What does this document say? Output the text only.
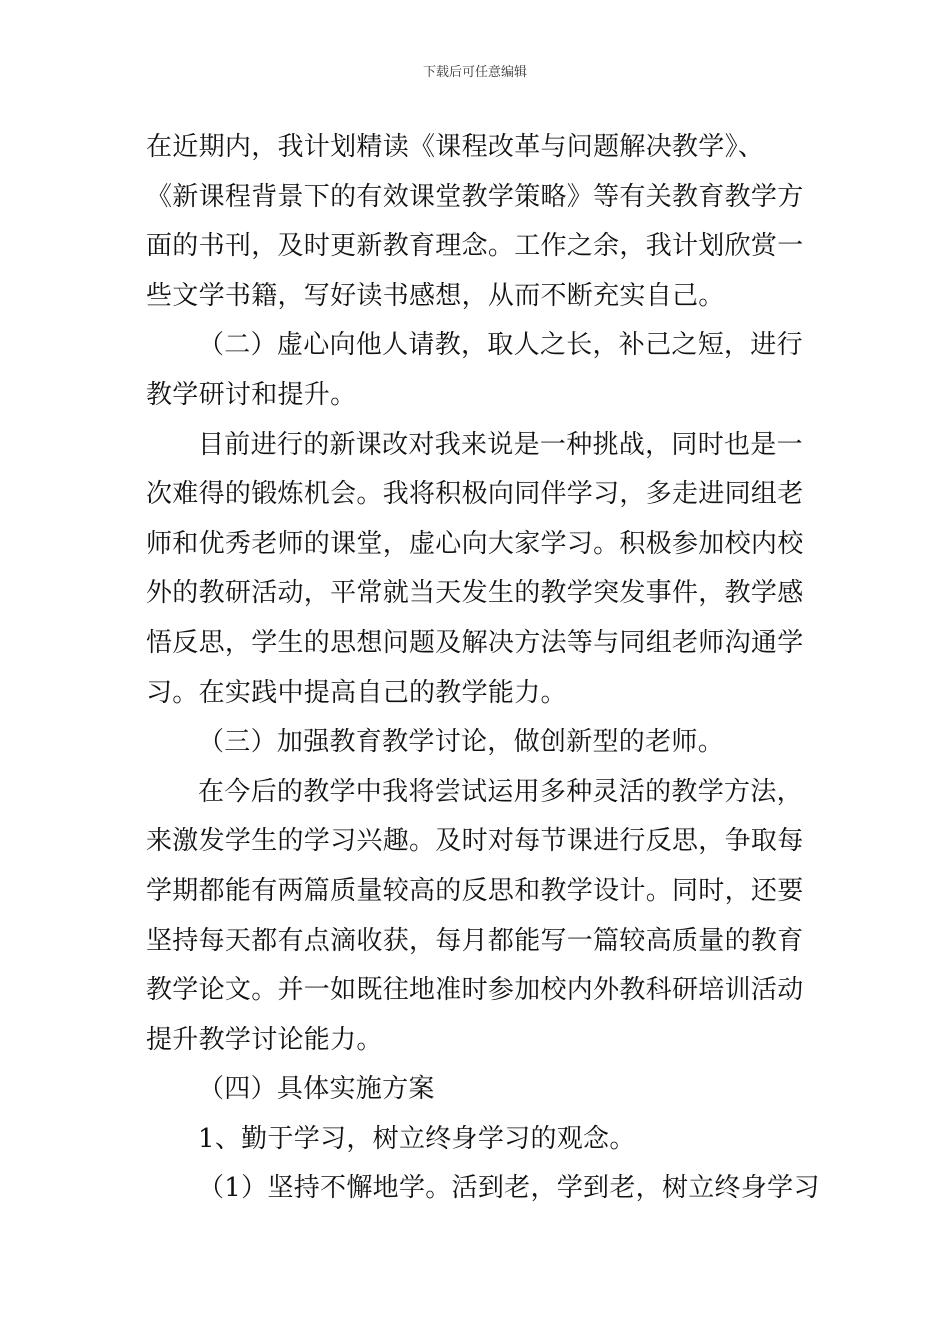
下载后可任意编辑
在近期内，我计划精读《课程改革与问题解决教学》、
《新课程背景下的有效课堂教学策略》等有关教育教学方
面的书刊，及时更新教育理念。工作之余，我计划欣赏一
些文学书籍，写好读书感想，从而不断充实自己。
（二）虚心向他人请教，取人之长，补己之短，进行
教学研讨和提升。
目前进行的新课改对我来说是一种挑战，同时也是一
次难得的锻炼机会。我将积极向同伴学习，多走进同组老
师和优秀老师的课堂，虚心向大家学习。积极参加校内校
外的教研活动，平常就当天发生的教学突发事件，教学感
悟反思，学生的思想问题及解决方法等与同组老师沟通学
习。在实践中提高自己的教学能力。
（三）加强教育教学讨论，做创新型的老师。
在今后的教学中我将尝试运用多种灵活的教学方法，
来激发学生的学习兴趣。及时对每节课进行反思，争取每
学期都能有两篇质量较高的反思和教学设计。同时，还要
坚持每天都有点滴收获，每月都能写一篇较高质量的教育
教学论文。并一如既往地准时参加校内外教科研培训活动
提升教学讨论能力。
（四）具体实施方案
1、勤于学习，树立终身学习的观念。
（1）坚持不懈地学。活到老，学到老，树立终身学习
